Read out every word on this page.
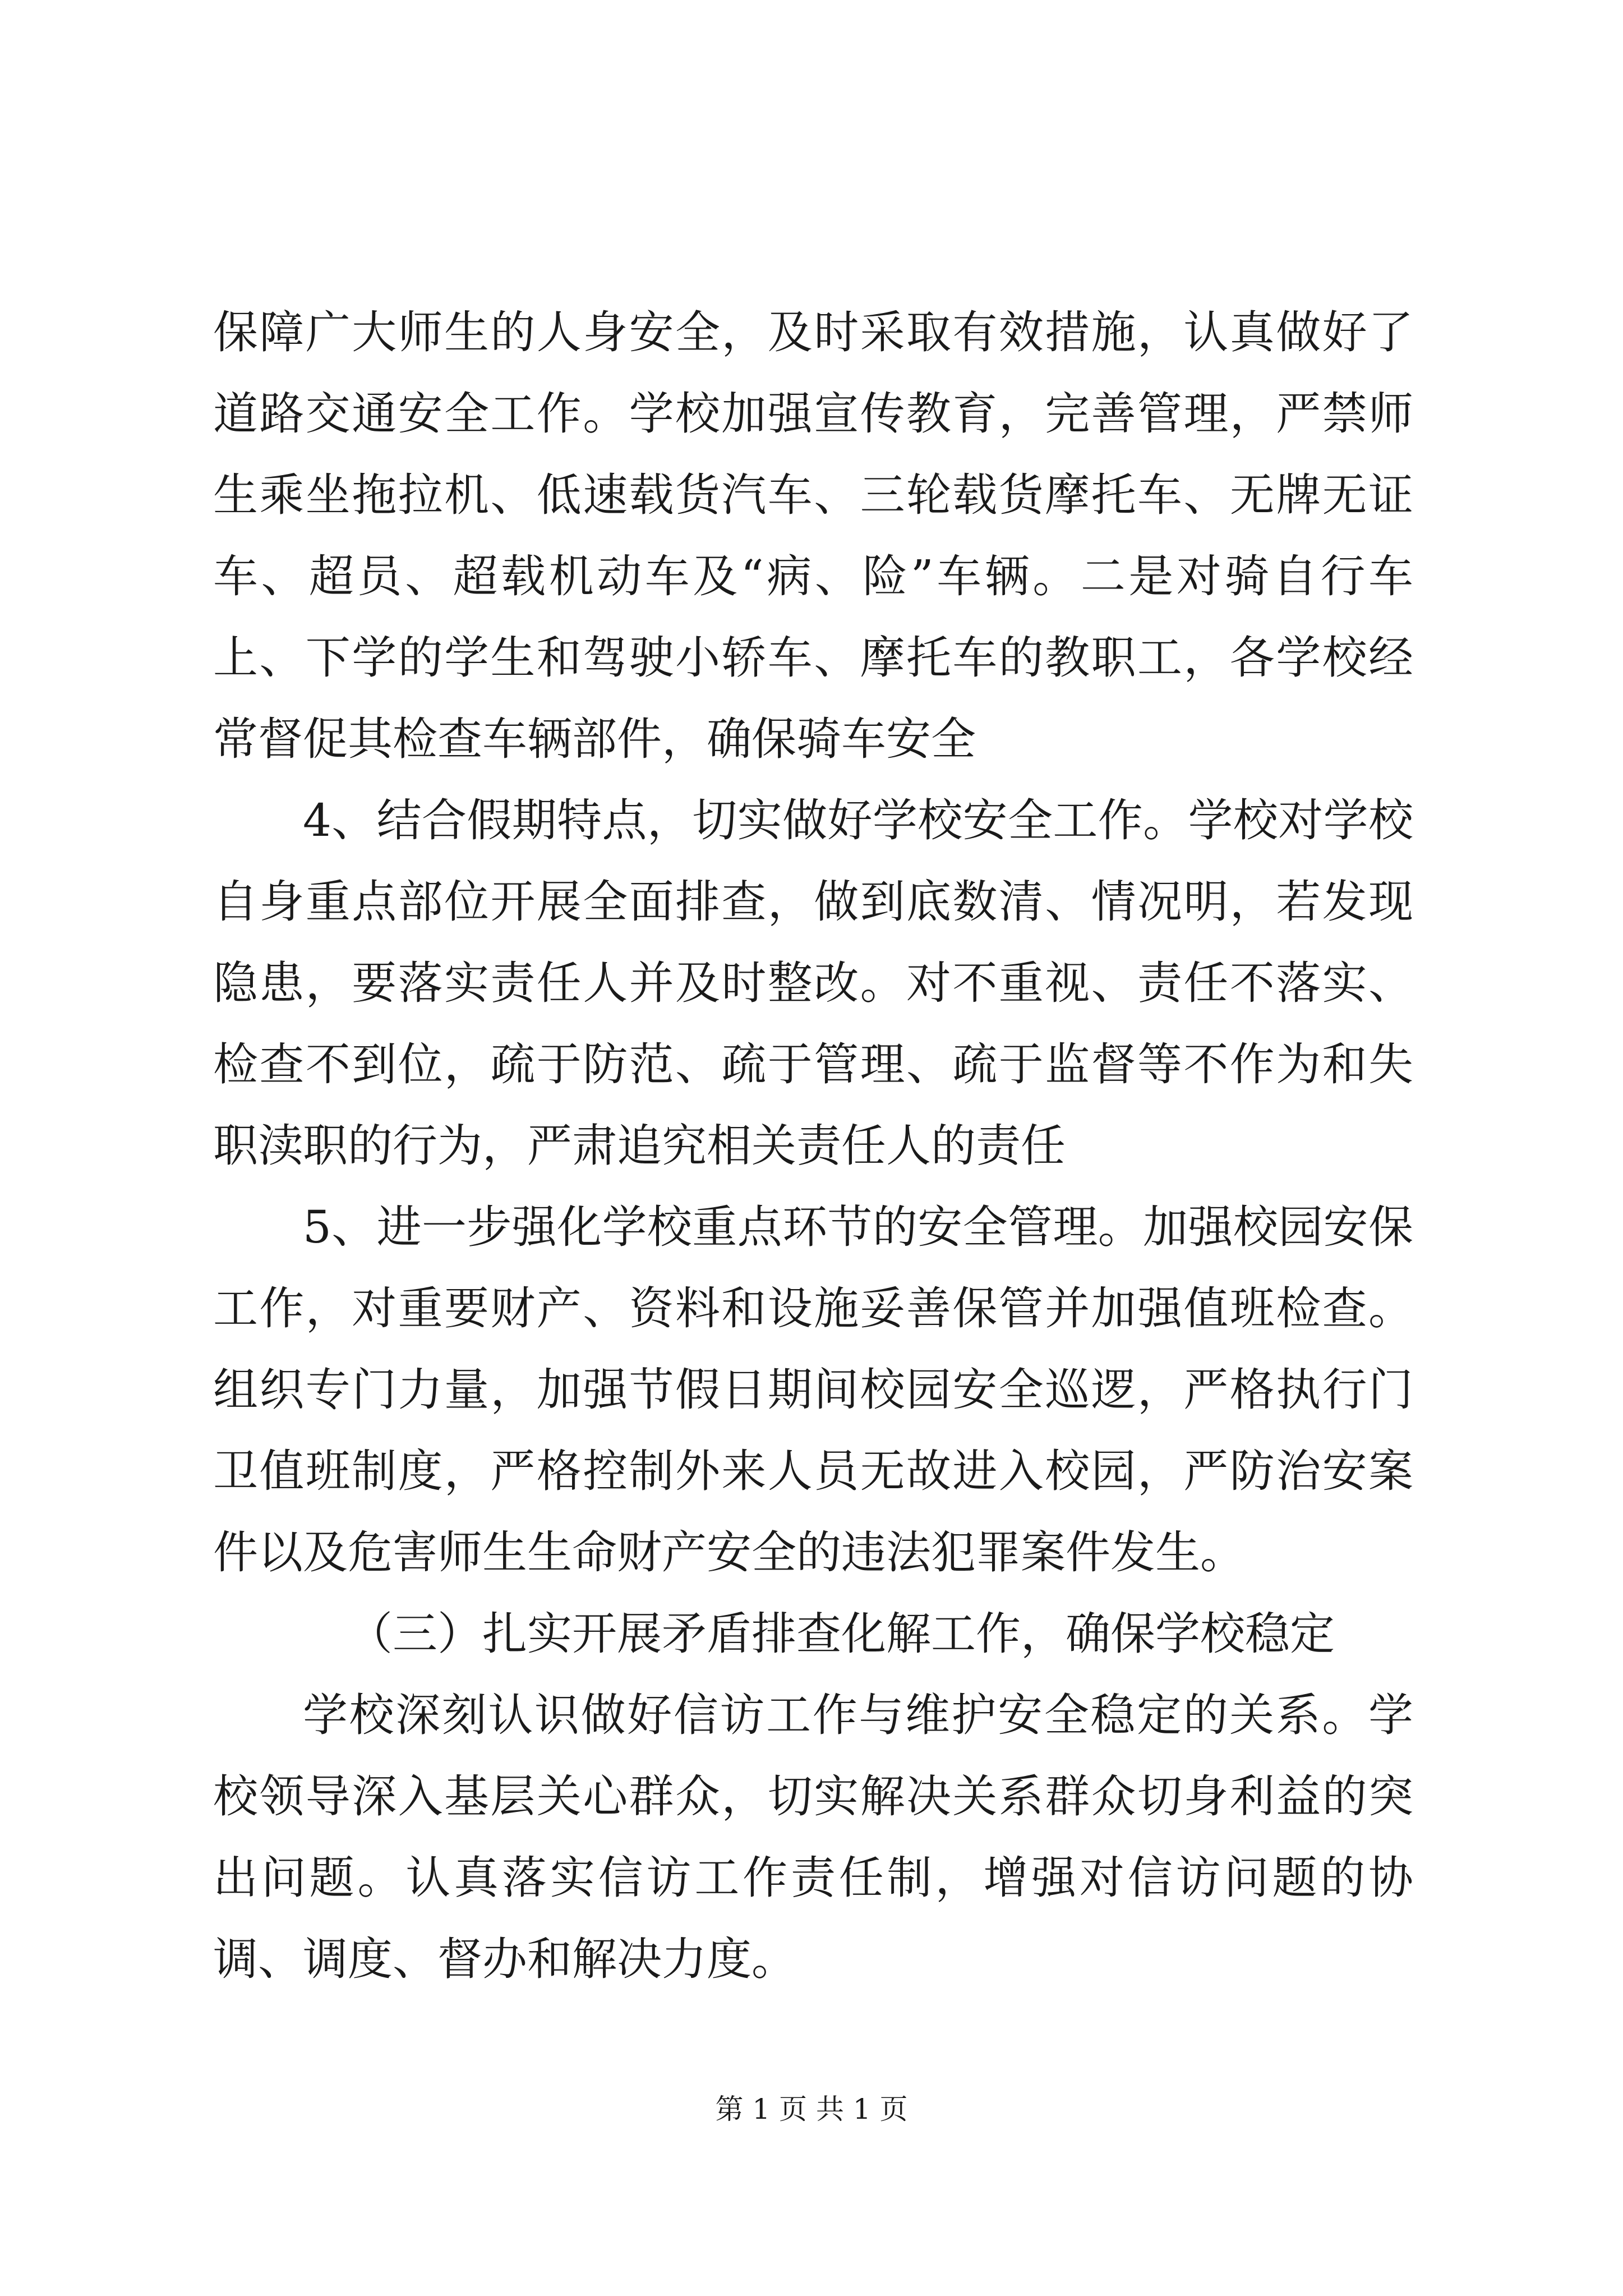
保障广大师生的人身安全，及时采取有效措施，认真做好了道路交通安全工作。学校加强宣传教育，完善管理，严禁师生乘坐拖拉机、低速载货汽车、三轮载货摩托车、无牌无证车、超员、超载机动车及“病、险”车辆。二是对骑自行车上、下学的学生和驾驶小轿车、摩托车的教职工，各学校经常督促其检查车辆部件，确保骑车安全

4、结合假期特点，切实做好学校安全工作。学校对学校自身重点部位开展全面排查，做到底数清、情况明，若发现隐患，要落实责任人并及时整改。对不重视、责任不落实、检查不到位，疏于防范、疏于管理、疏于监督等不作为和失职渎职的行为，严肃追究相关责任人的责任

5、进一步强化学校重点环节的安全管理。加强校园安保工作，对重要财产、资料和设施妥善保管并加强值班检查。组织专门力量，加强节假日期间校园安全巡逻，严格执行门卫值班制度，严格控制外来人员无故进入校园，严防治安案件以及危害师生生命财产安全的违法犯罪案件发生。

（三）扎实开展矛盾排查化解工作，确保学校稳定

学校深刻认识做好信访工作与维护安全稳定的关系。学校领导深入基层关心群众，切实解决关系群众切身利益的突出问题。认真落实信访工作责任制，增强对信访问题的协调、调度、督办和解决力度。

第 1 页 共 1 页
